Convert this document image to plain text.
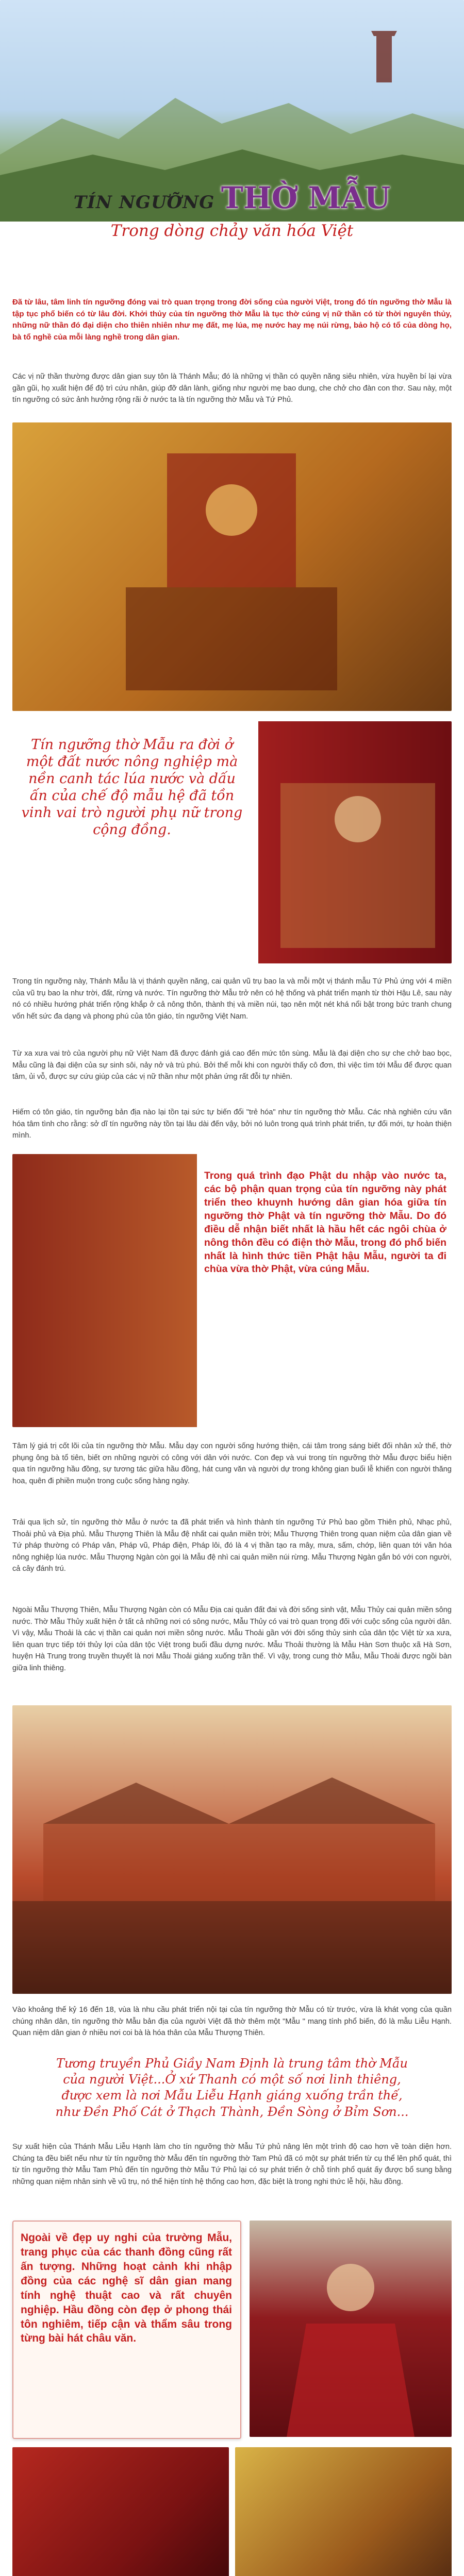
TÍN NGƯỠNG THỜ MẪU
Trong dòng chảy văn hóa Việt
Đã từ lâu, tâm linh tín ngưỡng đóng vai trò quan trọng trong đời sống của người Việt, trong đó tín ngưỡng thờ Mẫu là tập tục phổ biến có từ lâu đời. Khởi thủy của tín ngưỡng thờ Mẫu là tục thờ cúng vị nữ thần có từ thời nguyên thủy, những nữ thần đó đại diện cho thiên nhiên như mẹ đất, mẹ lúa, mẹ nước hay mẹ núi rừng, bảo hộ có tổ của dòng họ, bà tổ nghề của mỗi làng nghề trong dân gian.
Các vị nữ thần thường được dân gian suy tôn là Thánh Mẫu; đó là những vị thần có quyền năng siêu nhiên, vừa huyền bí lại vừa gần gũi, họ xuất hiện để độ trì cứu nhân, giúp đỡ dân lành, giống như người mẹ bao dung, che chở cho đàn con thơ. Sau này, một tín ngưỡng có sức ảnh hưởng rộng rãi ở nước ta là tín ngưỡng thờ Mẫu và Tứ Phủ.
Tín ngưỡng thờ Mẫu ra đời ở một đất nước nông nghiệp mà nền canh tác lúa nước và dấu ấn của chế độ mẫu hệ đã tồn vinh vai trò người phụ nữ trong cộng đồng.
Trong tín ngưỡng này, Thánh Mẫu là vị thánh quyền năng, cai quản vũ trụ bao la và mỗi một vị thánh mẫu Tứ Phủ ứng với 4 miền của vũ trụ bao la như trời, đất, rừng và nước. Tín ngưỡng thờ Mẫu trở nên có hệ thống và phát triển mạnh từ thời Hậu Lê, sau này nó có nhiều hướng phát triển rộng khắp ở cả nông thôn, thành thị và miền núi, tạo nên một nét khá nổi bật trong bức tranh chung vốn hết sức đa dạng và phong phú của tôn giáo, tín ngưỡng Việt Nam.
Từ xa xưa vai trò của người phụ nữ Việt Nam đã được đánh giá cao đến mức tôn sùng. Mẫu là đại diện cho sự che chở bao bọc, Mẫu cũng là đại diện của sự sinh sôi, nảy nở và trù phú. Bởi thế mỗi khi con người thấy cô đơn, thì việc tìm tới Mẫu để được quan tâm, ủi vỗ, được sự cứu giúp của các vị nữ thần như một phản ứng rất đỗi tự nhiên.
Hiếm có tôn giáo, tín ngưỡng bản địa nào lại tồn tại sức tự biến đổi "trẻ hóa" như tín ngưỡng thờ Mẫu. Các nhà nghiên cứu văn hóa tâm tình cho rằng: sở dĩ tín ngưỡng này tồn tại lâu dài đến vậy, bởi nó luôn trong quá trình phát triển, tự đổi mới, tự hoàn thiện mình.
Trong quá trình đạo Phật du nhập vào nước ta, các bộ phận quan trọng của tín ngưỡng này phát triển theo khuynh hướng dân gian hóa giữa tín ngưỡng thờ Phật và tín ngưỡng thờ Mẫu. Do đó điều dễ nhận biết nhất là hầu hết các ngôi chùa ở nông thôn đều có điện thờ Mẫu, trong đó phổ biến nhất là hình thức tiền Phật hậu Mẫu, người ta đi chùa vừa thờ Phật, vừa cúng Mẫu.
Tâm lý giá trị cốt lõi của tín ngưỡng thờ Mẫu. Mẫu dạy con người sống hướng thiện, cái tâm trong sáng biết đối nhân xử thế, thờ phụng ông bà tổ tiên, biết ơn những người có công với dân với nước. Con đẹp và vui trong tín ngưỡng thờ Mẫu được biểu hiện qua tín ngưỡng hầu đồng, sự tương tác giữa hầu đồng, hát cung văn và người dự trong không gian buổi lễ khiến con người thăng hoa, quên đi phiền muộn trong cuộc sống hàng ngày.
Trải qua lịch sử, tín ngưỡng thờ Mẫu ở nước ta đã phát triển và hình thành tín ngưỡng Tứ Phủ bao gồm Thiên phủ, Nhạc phủ, Thoải phủ và Địa phủ. Mẫu Thượng Thiên là Mẫu đệ nhất cai quản miền trời; Mẫu Thượng Thiên trong quan niệm của dân gian về Tứ pháp thường có Pháp vân, Pháp vũ, Pháp điện, Pháp lôi, đó là 4 vị thần tạo ra mây, mưa, sấm, chớp, liên quan tới văn hóa nông nghiệp lúa nước. Mẫu Thượng Ngàn còn gọi là Mẫu đệ nhì cai quản miền núi rừng. Mẫu Thượng Ngàn gắn bó với con người, cả cây đánh trú.
Ngoài Mẫu Thượng Thiên, Mẫu Thượng Ngàn còn có Mẫu Địa cai quản đất đai và đời sống sinh vật, Mẫu Thủy cai quản miền sông nước. Thờ Mẫu Thủy xuất hiện ở tất cả những nơi có sông nước, Mẫu Thủy có vai trò quan trọng đối với cuộc sống của người dân. Vì vậy, Mẫu Thoải là các vị thần cai quản nơi miền sông nước. Mẫu Thoải gần với đời sống thủy sinh của dân tộc Việt từ xa xưa, liên quan trực tiếp tới thủy lợi của dân tộc Việt trong buổi đầu dựng nước. Mẫu Thoải thường là Mẫu Hàn Sơn thuộc xã Hà Sơn, huyện Hà Trung trong truyền thuyết là nơi Mẫu Thoải giáng xuống trần thế. Vì vậy, trong cung thờ Mẫu, Mẫu Thoải được ngồi bàn giữa linh thiêng.
Vào khoảng thế kỷ 16 đến 18, vùa là nhu cầu phát triển nội tại của tín ngưỡng thờ Mẫu có từ trước, vừa là khát vọng của quần chúng nhân dân, tín ngưỡng thờ Mẫu bản địa của người Việt đã thờ thêm một "Mẫu " mang tính phổ biến, đó là mẫu Liễu Hạnh. Quan niệm dân gian ở nhiều nơi coi bà là hóa thân của Mẫu Thượng Thiên.
Tương truyền Phủ Giầy Nam Định là trung tâm thờ Mẫu của người Việt...Ở xứ Thanh có một số nơi linh thiêng, được xem là nơi Mẫu Liễu Hạnh giáng xuống trần thế, như Đền Phố Cát ở Thạch Thành, Đền Sòng ở Bỉm Sơn...
Sự xuất hiện của Thánh Mẫu Liễu Hạnh làm cho tín ngưỡng thờ Mẫu Tứ phủ nâng lên một trình độ cao hơn về toàn diện hơn. Chúng ta đều biết nếu như từ tín ngưỡng thờ Mẫu đến tín ngưỡng thờ Tam Phủ đã có một sự phát triển từ cụ thể lên phổ quát, thì từ tín ngưỡng thờ Mẫu Tam Phủ đến tín ngưỡng thờ Mẫu Tứ Phủ lại có sự phát triển ở chỗ tính phổ quát ấy được bổ sung bằng những quan niệm nhân sinh về vũ trụ, nó thể hiện tính hệ thống cao hơn, đặc biệt là trong nghi thức lễ hội, hầu đồng.
Ngoài về đẹp uy nghi của trường Mẫu, trang phục của các thanh đồng cũng rất ấn tượng. Những hoạt cảnh khi nhập đồng của các nghệ sĩ dân gian mang tính nghệ thuật cao và rất chuyên nghiệp. Hầu đồng còn đẹp ở phong thái tôn nghiêm, tiếp cận và thẩm sâu trong từng bài hát châu văn.
